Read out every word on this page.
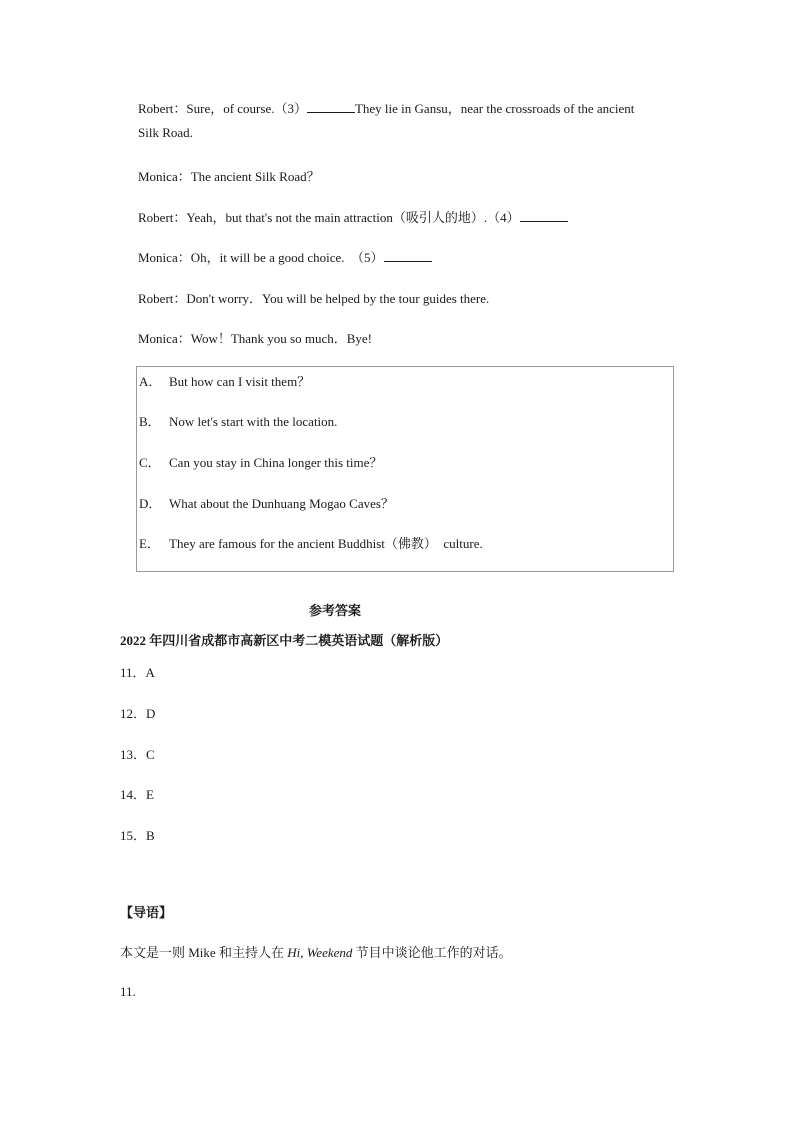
Robert：Sure，of course.（3）	They lie in Gansu，near the crossroads of the ancient
Silk Road.
Monica：The ancient Silk Road？
Robert：Yeah，but that's not the main attraction（吸引人的地）.（4）
Monica：Oh，it will be a good choice.　（5）
Robert：Don't worry．You will be helped by the tour guides there.
Monica：Wow！Thank you so much．Bye!
A． But how can I visit them？
B． Now let's start with the location.
C． Can you stay in China longer this time？
D． What about the Dunhuang Mogao Caves？
E． They are famous for the ancient Buddhist（佛教）　culture.
参考答案
2022 年四川省成都市高新区中考二模英语试题（解析版）
11．A
12．D
13．C
14．E
15．B
【导语】
本文是一则 Mike 和主持人在 Hi, Weekend 节目中谈论他工作的对话。
11.
